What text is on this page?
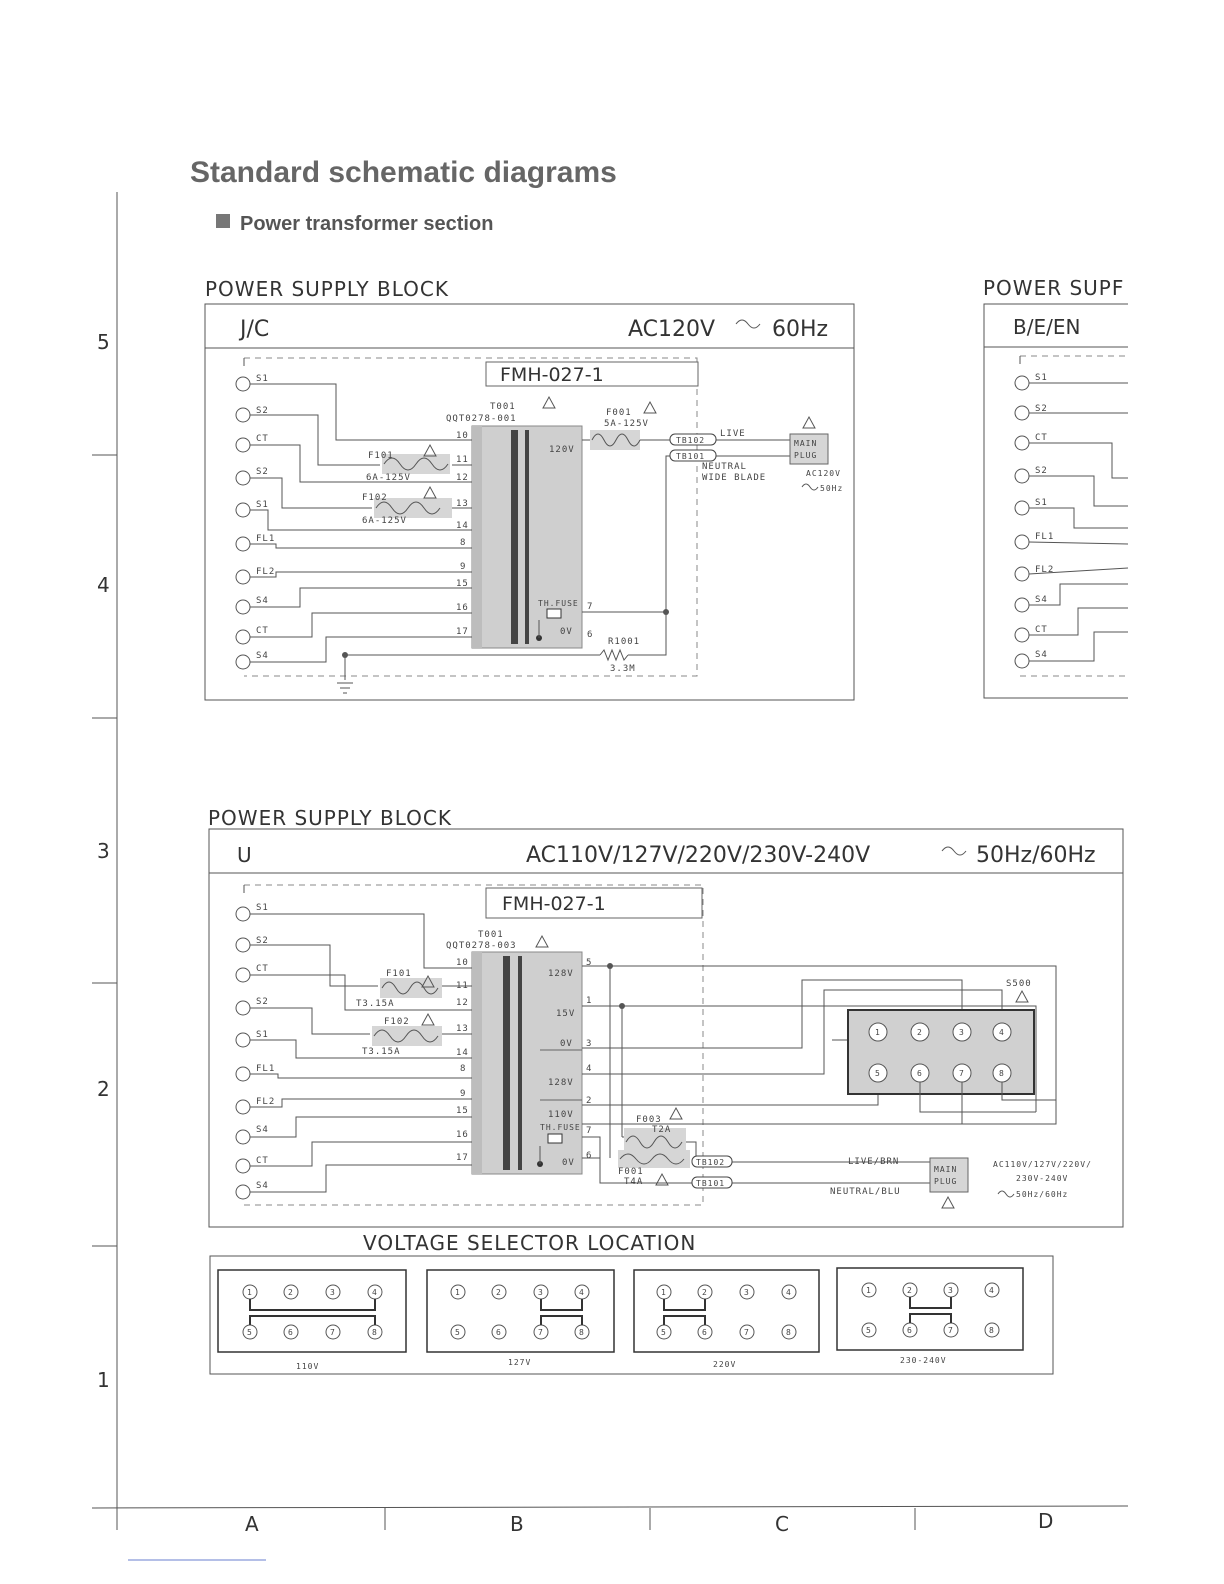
Standard schematic diagrams
Power transformer section
5
4
3
2
1
A	B	C	D
POWER SUPPLY BLOCK
J/C	AC120V	60Hz
FMH-027-1
S1
S2
CT
S2
S1
FL1
FL2
S4
CT
S4
T001
QQT0278-001
120V
0V
TH.FUSE
10
11
12
13
14
8
9
15
16
17
7
6
F101
6A-125V
F102
6A-125V
F001
5A-125V
TB102
TB101
LIVE
NEUTRAL
WIDE BLADE
MAIN
PLUG
AC120V
50Hz
R1001
3.3M
POWER SUPF
B/E/EN
S1
S2
CT
S2
S1
FL1
FL2
S4
CT
S4
POWER SUPPLY BLOCK
U	AC110V/127V/220V/230V-240V	50Hz/60Hz
FMH-027-1
S1
S2
CT
S2
S1
FL1
FL2
S4
CT
S4
T001
QQT0278-003
128V
15V
0V
128V
110V
0V
TH.FUSE
10
11
12
13
14
8
9
15
16
17
5
1
3
4
2
7
6
F101
T3.15A
F102
T3.15A
F003
T2A
F001
T4A
TB102
TB101
LIVE/BRN
NEUTRAL/BLU
MAIN
PLUG
AC110V/127V/220V/
230V-240V
50Hz/60Hz
S500
1	2	3	4
5	6	7	8
VOLTAGE SELECTOR LOCATION
110V
1	2	3	4
5	6	7	8
127V
1	2	3	4
5	6	7	8
220V
1	2	3	4
5	6	7	8
230-240V
1	2	3	4
5	6	7	8
